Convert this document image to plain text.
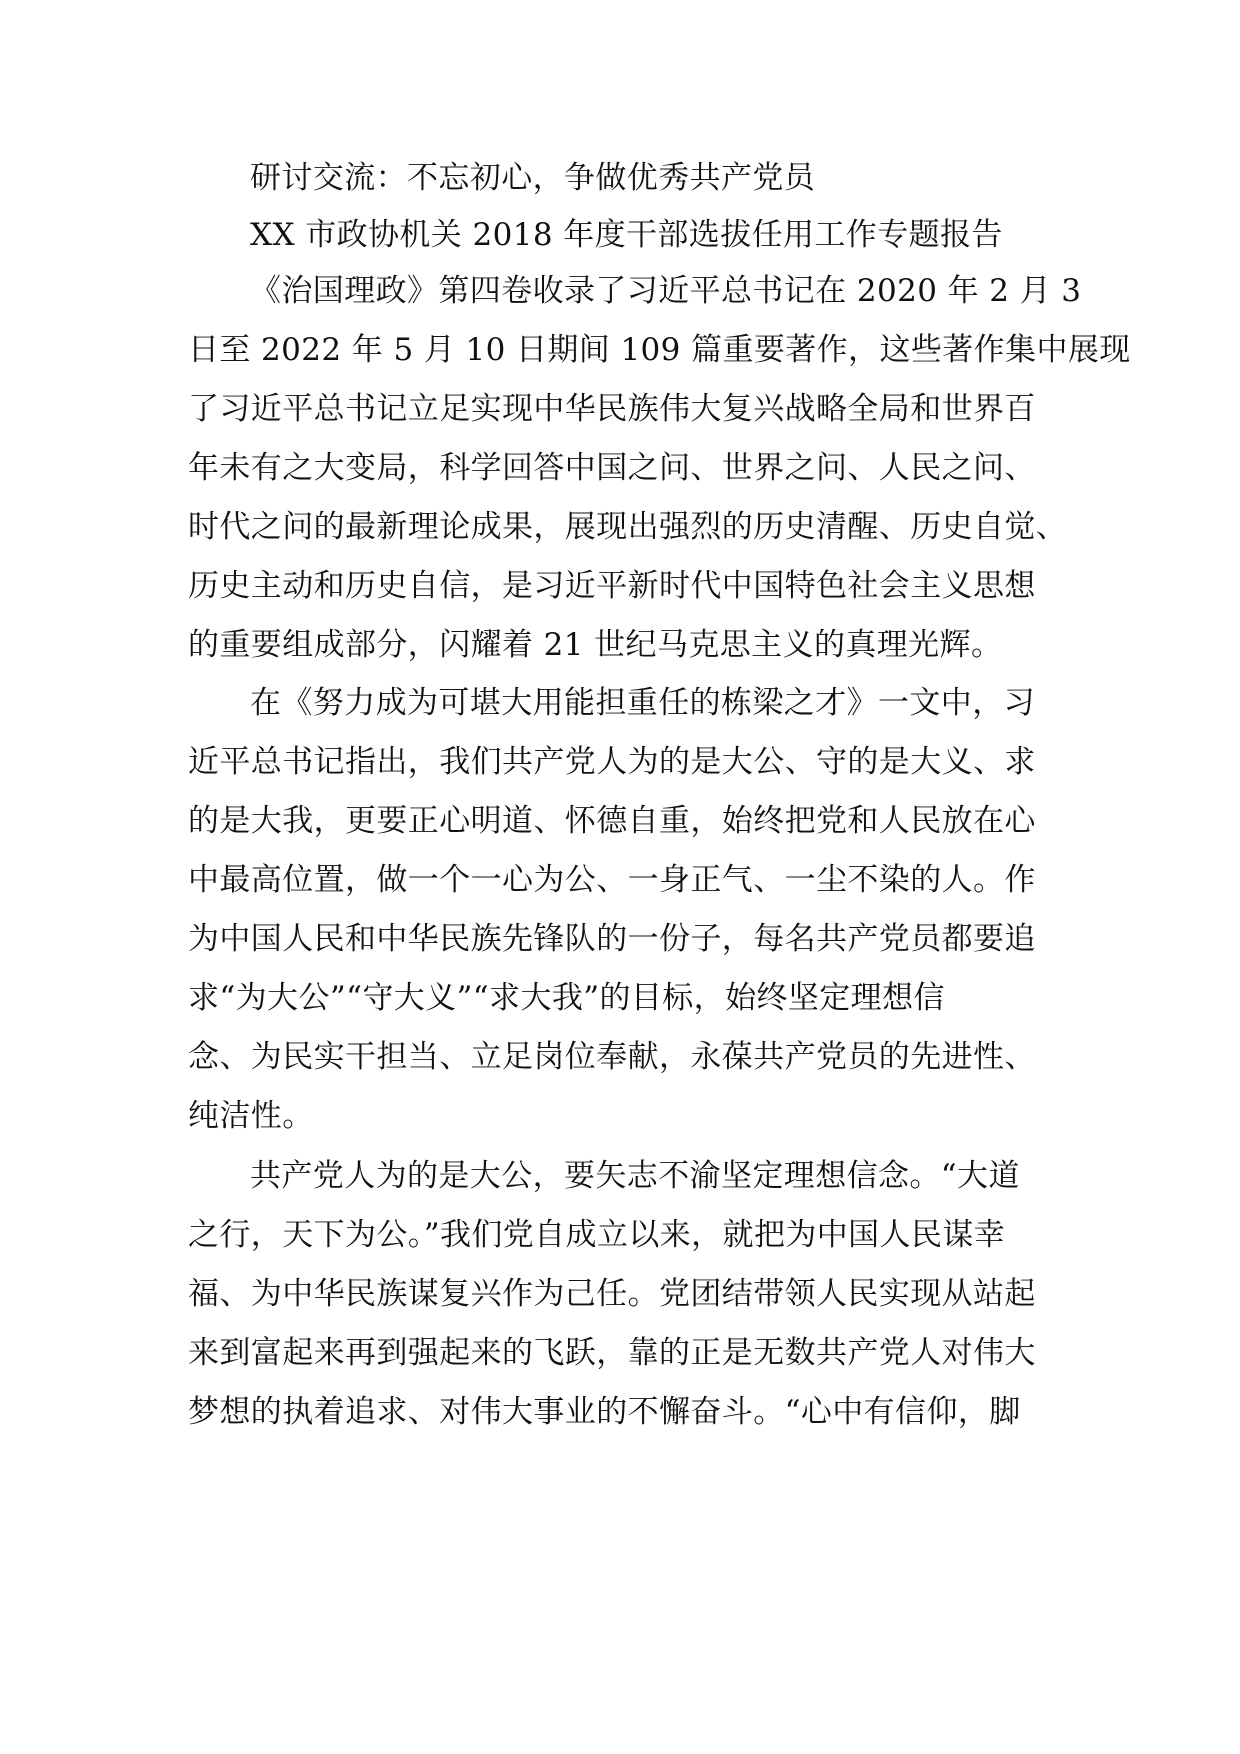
研讨交流：不忘初心，争做优秀共产党员

XX 市政协机关 2018 年度干部选拔任用工作专题报告

《治国理政》第四卷收录了习近平总书记在 2020 年 2 月 3

日至 2022 年 5 月 10 日期间 109 篇重要著作，这些著作集中展现

了习近平总书记立足实现中华民族伟大复兴战略全局和世界百

年未有之大变局，科学回答中国之问、世界之问、人民之问、

时代之问的最新理论成果，展现出强烈的历史清醒、历史自觉、

历史主动和历史自信，是习近平新时代中国特色社会主义思想

的重要组成部分，闪耀着 21 世纪马克思主义的真理光辉。

在《努力成为可堪大用能担重任的栋梁之才》一文中，习

近平总书记指出，我们共产党人为的是大公、守的是大义、求

的是大我，更要正心明道、怀德自重，始终把党和人民放在心

中最高位置，做一个一心为公、一身正气、一尘不染的人。作

为中国人民和中华民族先锋队的一份子，每名共产党员都要追

求“为大公”“守大义”“求大我”的目标，始终坚定理想信

念、为民实干担当、立足岗位奉献，永葆共产党员的先进性、

纯洁性。

共产党人为的是大公，要矢志不渝坚定理想信念。“大道

之行，天下为公。”我们党自成立以来，就把为中国人民谋幸

福、为中华民族谋复兴作为己任。党团结带领人民实现从站起

来到富起来再到强起来的飞跃，靠的正是无数共产党人对伟大

梦想的执着追求、对伟大事业的不懈奋斗。“心中有信仰，脚
